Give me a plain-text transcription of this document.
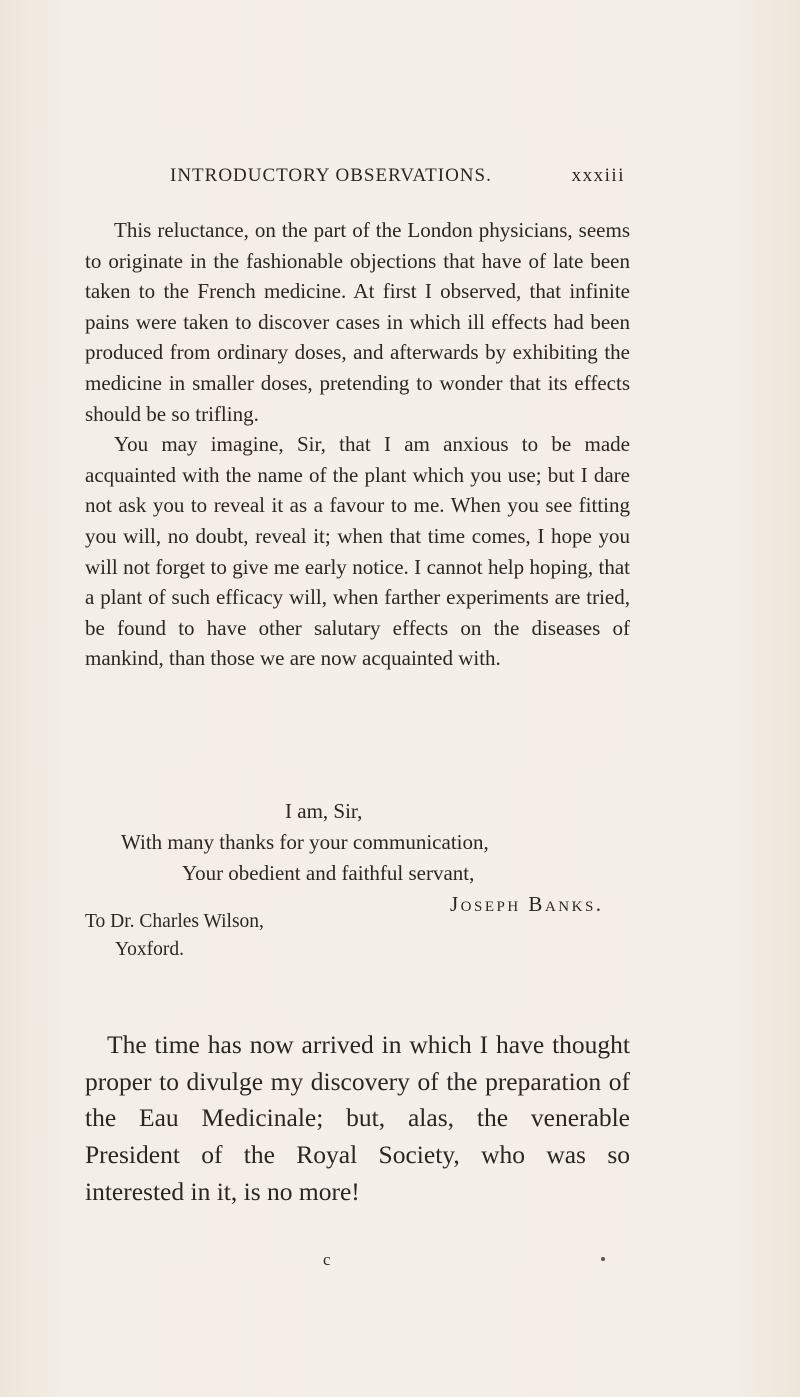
INTRODUCTORY OBSERVATIONS.	xxxiii

This reluctance, on the part of the London physicians, seems to originate in the fashionable objections that have of late been taken to the French medicine. At first I observed, that infinite pains were taken to discover cases in which ill effects had been produced from ordinary doses, and afterwards by exhibiting the medicine in smaller doses, pretending to wonder that its effects should be so trifling.

You may imagine, Sir, that I am anxious to be made acquainted with the name of the plant which you use; but I dare not ask you to reveal it as a favour to me. When you see fitting you will, no doubt, reveal it; when that time comes, I hope you will not forget to give me early notice. I cannot help hoping, that a plant of such efficacy will, when farther experiments are tried, be found to have other salutary effects on the diseases of mankind, than those we are now acquainted with.

I am, Sir,
With many thanks for your communication,
Your obedient and faithful servant,
Joseph Banks.
To Dr. Charles Wilson,
Yoxford.

The time has now arrived in which I have thought proper to divulge my discovery of the preparation of the Eau Medicinale; but, alas, the venerable President of the Royal Society, who was so interested in it, is no more!

c
